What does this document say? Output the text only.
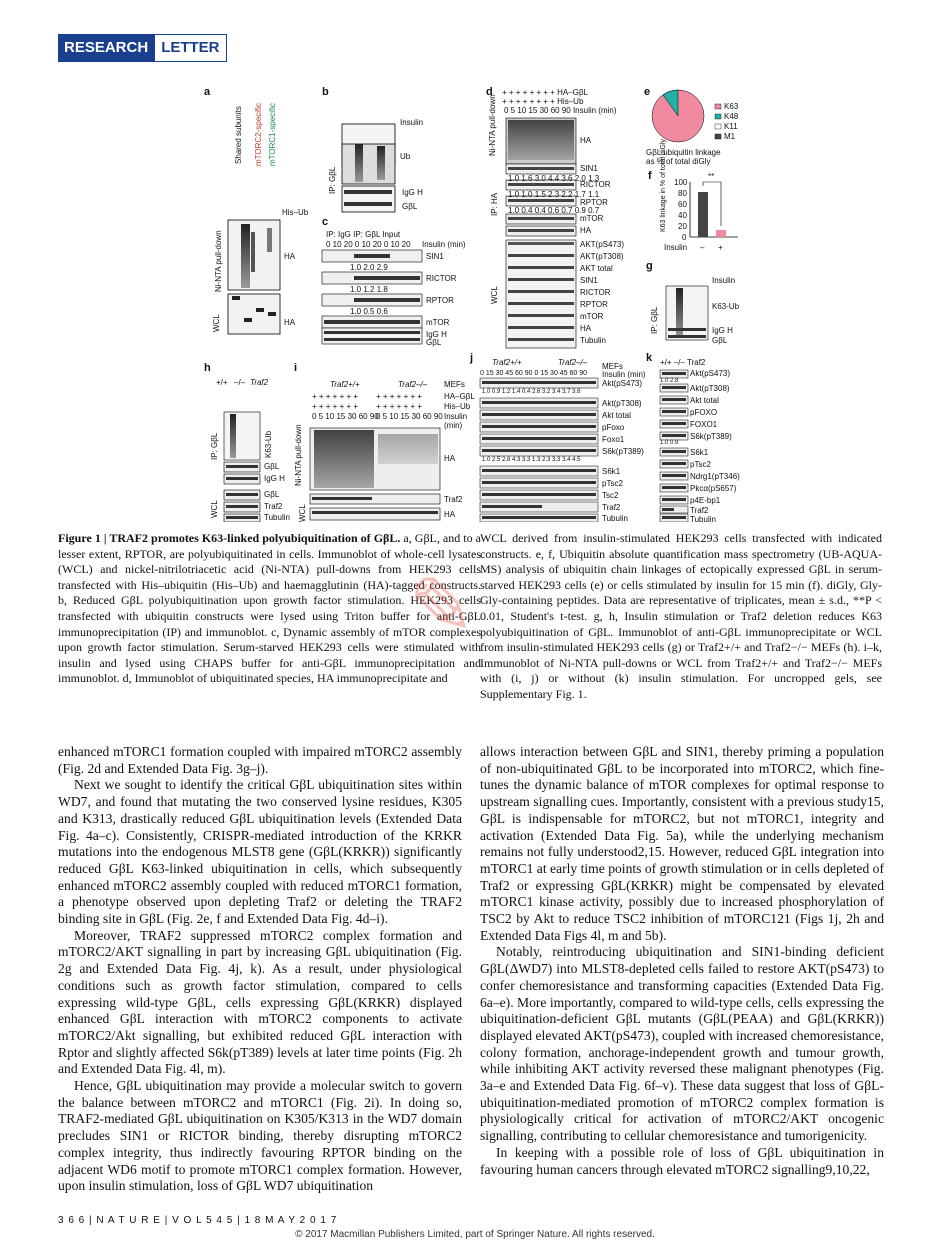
RESEARCH LETTER
a	b
c
d	e
f
g
h	i
j	k
Ni-NTA pull-down	HA
His–Ub
WCL	HA
Shared subunits mTORC2-specific mTORC1-specific	Insulin
Ub
IgG H
GβL
IP: GβL
IP: IgG IP: GβL Input
0 10 20 0 10 20 0 10 20 Insulin (min)
SIN1
1.0 2.0 2.9
RICTOR
1.0 1.2 1.8
RPTOR
1.0 0.5 0.6
mTOR
IgG H
GβL
+ + + + + + + + HA–GβL
+ + + + + + + + His–Ub
0 5 10 15 30 60 90 Insulin (min)
HA
SIN1
1.0 1.6 3.0 4.4 3.6 2.0 1.3
RICTOR
1.0 1.0 1.5 2.3 2.2 1.7 1.1
RPTOR
1.0 0.4 0.4 0.6 0.7 0.9 0.7
mTOR
HA
AKT(pS473)
AKT(pT308)
AKT total
SIN1
RICTOR
RPTOR
mTOR
HA
Tubulin
Ni-NTA pull-down
IP: HA
WCL
K63
K48
K11
M1
GβL ubiquitin linkage as % of total diGly
100
80
60
40
20
0
K63 linkage in % of total diGly
Insulin – +
**
Insulin
K63-Ub
IgG H
GβL
IP: GβL
+/+ –/– Traf2
K63-Ub
GβL
IgG H
GβL
Traf2
Tubulin
IP: GβL
WCL
Traf2+/+	Traf2–/– MEFs
+ + + + + + + + + + + + + +	HA–GβL
+ + + + + + + + + + + + + +	His–Ub
0 5 10 15 30 60 90
0 5 10 15 30 60 90 Insulin (min)
HA
Traf2
HA
Ni-NTA pull-down
WCL
Traf2+/+	Traf2–/– MEFs
0 15 30 45 60 90 0 15 30 45 60 90 Insulin (min)
Akt(pS473)
1.0 0.9 1.2 1.4 0.4 2.6 3.2 3.4 3.7 3.6
Akt(pT308)
Akt total
pFoxo
Foxo1
S6k(pT389)
1.0 2.5 2.8 4.3 3.3 1.3 2.3 3.3 3.4 4.5
S6k1
pTsc2
Tsc2
Traf2
Tubulin
+/+ –/– Traf2
Akt(pS473)
1.0 2.8
Akt(pT308)
Akt total
pFOXO
FOXO1
S6k(pT389)
1.0 0.9
S6k1
pTsc2
Ndrg1(pT346)
Pkcα(pS657)
p4E-bp1
Traf2
Tubulin
Figure 1 | TRAF2 promotes K63-linked polyubiquitination of GβL. a, GβL, and to a lesser extent, RPTOR, are polyubiquitinated in cells. Immunoblot of whole-cell lysates (WCL) and nickel-nitrilotriacetic acid (Ni-NTA) pull-downs from HEK293 cells transfected with His–ubiquitin (His–Ub) and haemagglutinin (HA)-tagged constructs. b, Reduced GβL polyubiquitination upon growth factor stimulation. HEK293 cells transfected with ubiquitin constructs were lysed using Triton buffer for anti-GβL immunoprecipitation (IP) and immunoblot. c, Dynamic assembly of mTOR complexes upon growth factor stimulation. Serum-starved HEK293 cells were stimulated with insulin and lysed using CHAPS buffer for anti-GβL immunoprecipitation and immunoblot. d, Immunoblot of ubiquitinated species, HA immunoprecipitate and
WCL derived from insulin-stimulated HEK293 cells transfected with indicated constructs. e, f, Ubiquitin absolute quantification mass spectrometry (UB-AQUA-MS) analysis of ubiquitin chain linkages of ectopically expressed GβL in serum-starved HEK293 cells (e) or cells stimulated by insulin for 15 min (f). diGly, Gly-Gly-containing peptides. Data are representative of triplicates, mean ± s.d., **P < 0.01, Student's t-test. g, h, Insulin stimulation or Traf2 deletion reduces K63 polyubiquitination of GβL. Immunoblot of anti-GβL immunoprecipitate or WCL from insulin-stimulated HEK293 cells (g) or Traf2+/+ and Traf2−/− MEFs (h). i–k, Immunoblot of Ni-NTA pull-downs or WCL from Traf2+/+ and Traf2−/− MEFs with (i, j) or without (k) insulin stimulation. For uncropped gels, see Supplementary Fig. 1.
✎

enhanced mTORC1 formation coupled with impaired mTORC2 assembly (Fig. 2d and Extended Data Fig. 3g–j).

Next we sought to identify the critical GβL ubiquitination sites within WD7, and found that mutating the two conserved lysine residues, K305 and K313, drastically reduced GβL ubiquitination levels (Extended Data Fig. 4a–c). Consistently, CRISPR-mediated introduction of the KRKR mutations into the endogenous MLST8 gene (GβL(KRKR)) significantly reduced GβL K63-linked ubiquitination in cells, which subsequently enhanced mTORC2 assembly coupled with reduced mTORC1 formation, a phenotype observed upon depleting Traf2 or deleting the TRAF2 binding site in GβL (Fig. 2e, f and Extended Data Fig. 4d–i).

Moreover, TRAF2 suppressed mTORC2 complex formation and mTORC2/AKT signalling in part by increasing GβL ubiquitination (Fig. 2g and Extended Data Fig. 4j, k). As a result, under physiological conditions such as growth factor stimulation, compared to cells expressing wild-type GβL, cells expressing GβL(KRKR) displayed enhanced GβL interaction with mTORC2 components to activate mTORC2/Akt signalling, but exhibited reduced GβL interaction with Rptor and slightly affected S6k(pT389) levels at later time points (Fig. 2h and Extended Data Fig. 4l, m).

Hence, GβL ubiquitination may provide a molecular switch to govern the balance between mTORC2 and mTORC1 (Fig. 2i). In doing so, TRAF2-mediated GβL ubiquitination on K305/K313 in the WD7 domain precludes SIN1 or RICTOR binding, thereby disrupting mTORC2 complex integrity, thus indirectly favouring RPTOR binding on the adjacent WD6 motif to promote mTORC1 complex formation. However, upon insulin stimulation, loss of GβL WD7 ubiquitination

allows interaction between GβL and SIN1, thereby priming a population of non-ubiquitinated GβL to be incorporated into mTORC2, which fine-tunes the dynamic balance of mTOR complexes for optimal response to upstream signalling cues. Importantly, consistent with a previous study15, GβL is indispensable for mTORC2, but not mTORC1, integrity and activation (Extended Data Fig. 5a), while the underlying mechanism remains not fully understood2,15. However, reduced GβL integration into mTORC1 at early time points of growth stimulation or in cells depleted of Traf2 or expressing GβL(KRKR) might be compensated by elevated mTORC1 kinase activity, possibly due to increased phosphorylation of TSC2 by Akt to reduce TSC2 inhibition of mTORC121 (Figs 1j, 2h and Extended Data Figs 4l, m and 5b).

Notably, reintroducing ubiquitination and SIN1-binding deficient GβL(ΔWD7) into MLST8-depleted cells failed to restore AKT(pS473) to confer chemoresistance and transforming capacities (Extended Data Fig. 6a–e). More importantly, compared to wild-type cells, cells expressing the ubiquitination-deficient GβL mutants (GβL(PEAA) and GβL(KRKR)) displayed elevated AKT(pS473), coupled with increased chemoresistance, colony formation, anchorage-independent growth and tumour growth, while inhibiting AKT activity reversed these malignant phenotypes (Fig. 3a–e and Extended Data Fig. 6f–v). These data suggest that loss of GβL-ubiquitination-mediated promotion of mTORC2 complex formation is physiologically critical for activation of mTORC2/AKT oncogenic signalling, contributing to cellular chemoresistance and tumorigenicity.

In keeping with a possible role of loss of GβL ubiquitination in favouring human cancers through elevated mTORC2 signalling9,10,22,

3 6 6 | N A T U R E | V O L 5 4 5 | 1 8 M A Y 2 0 1 7
© 2017 Macmillan Publishers Limited, part of Springer Nature. All rights reserved.
